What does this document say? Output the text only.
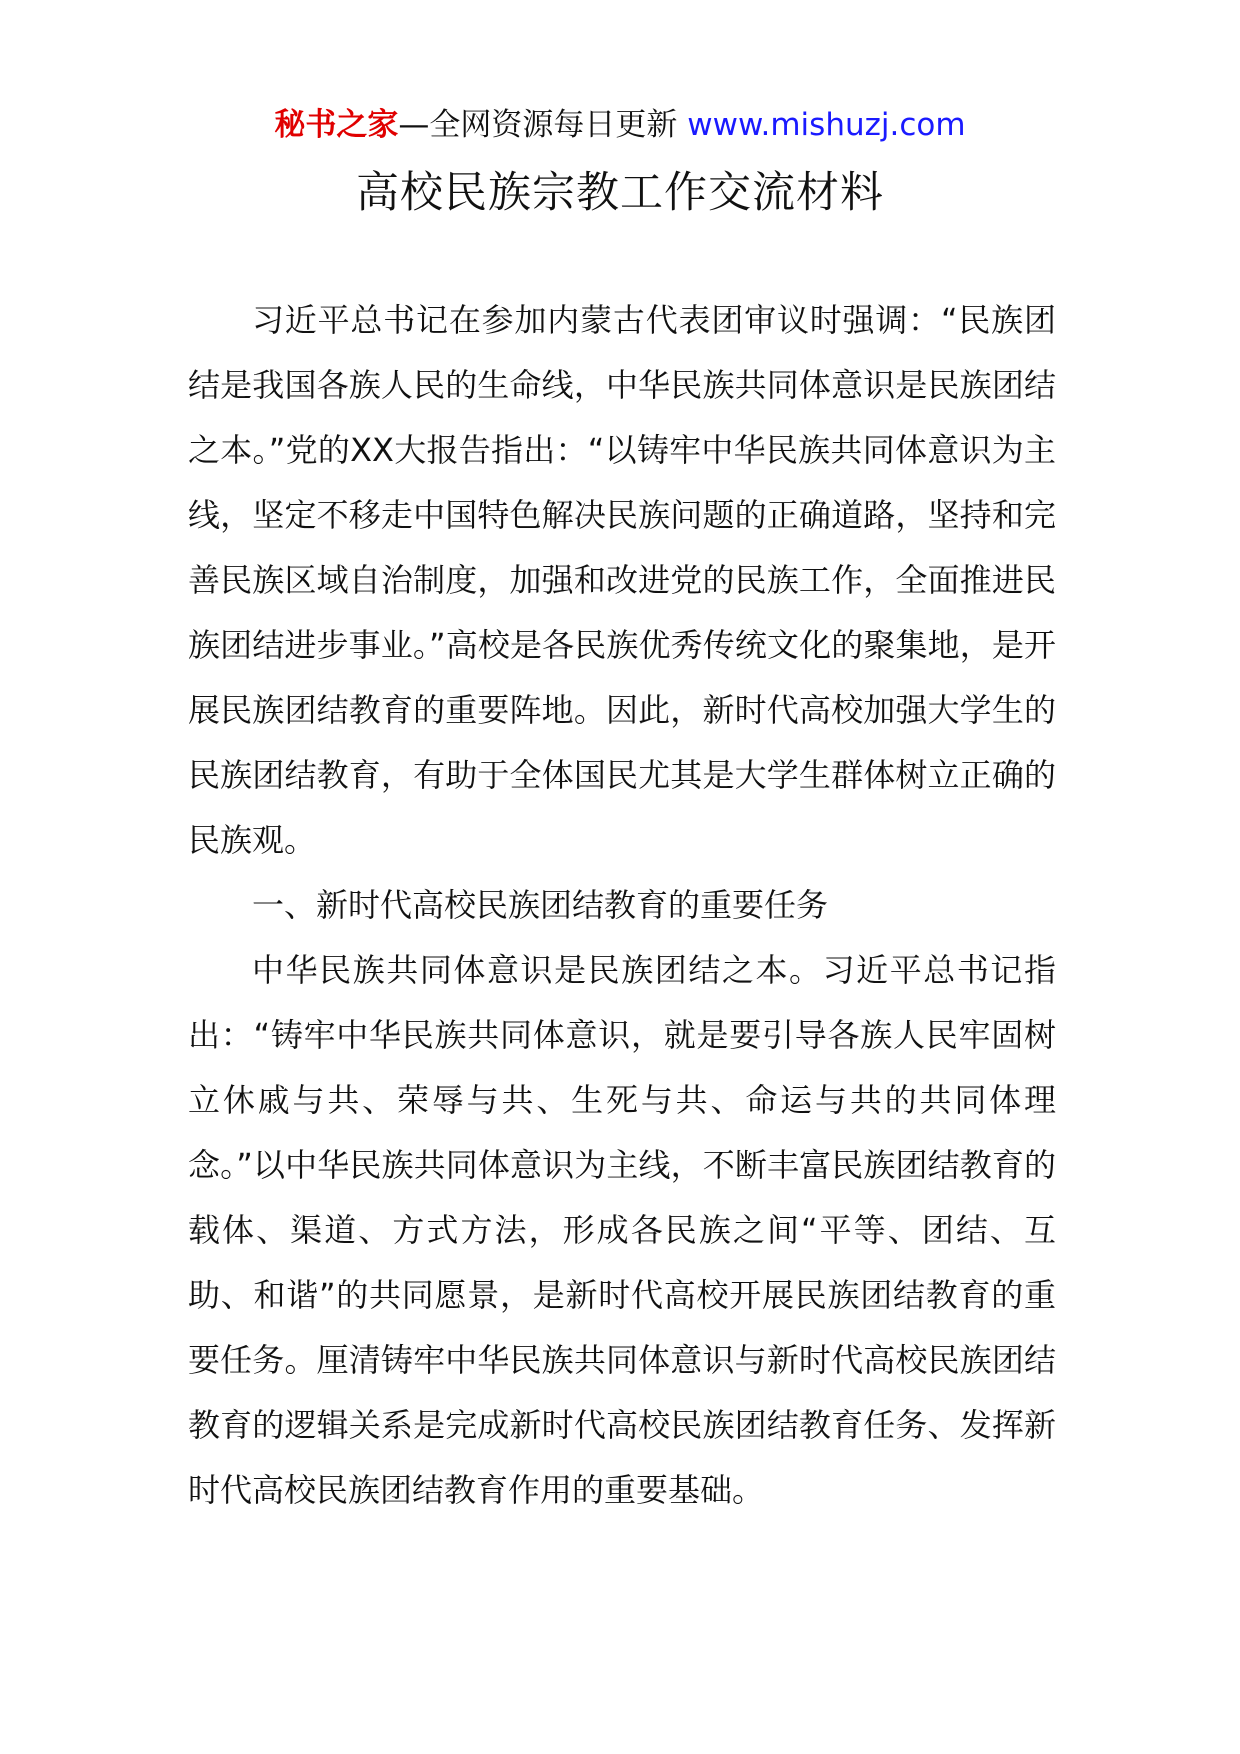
秘书之家—全网资源每日更新 www.mishuzj.com
高校民族宗教工作交流材料

习近平总书记在参加内蒙古代表团审议时强调：“民族团结是我国各族人民的生命线，中华民族共同体意识是民族团结之本。”党的XX大报告指出：“以铸牢中华民族共同体意识为主线，坚定不移走中国特色解决民族问题的正确道路，坚持和完善民族区域自治制度，加强和改进党的民族工作，全面推进民族团结进步事业。”高校是各民族优秀传统文化的聚集地，是开展民族团结教育的重要阵地。因此，新时代高校加强大学生的民族团结教育，有助于全体国民尤其是大学生群体树立正确的民族观。

一、新时代高校民族团结教育的重要任务

中华民族共同体意识是民族团结之本。习近平总书记指出：“铸牢中华民族共同体意识，就是要引导各族人民牢固树立休戚与共、荣辱与共、生死与共、命运与共的共同体理念。”以中华民族共同体意识为主线，不断丰富民族团结教育的载体、渠道、方式方法，形成各民族之间“平等、团结、互助、和谐”的共同愿景，是新时代高校开展民族团结教育的重要任务。厘清铸牢中华民族共同体意识与新时代高校民族团结教育的逻辑关系是完成新时代高校民族团结教育任务、发挥新时代高校民族团结教育作用的重要基础。
